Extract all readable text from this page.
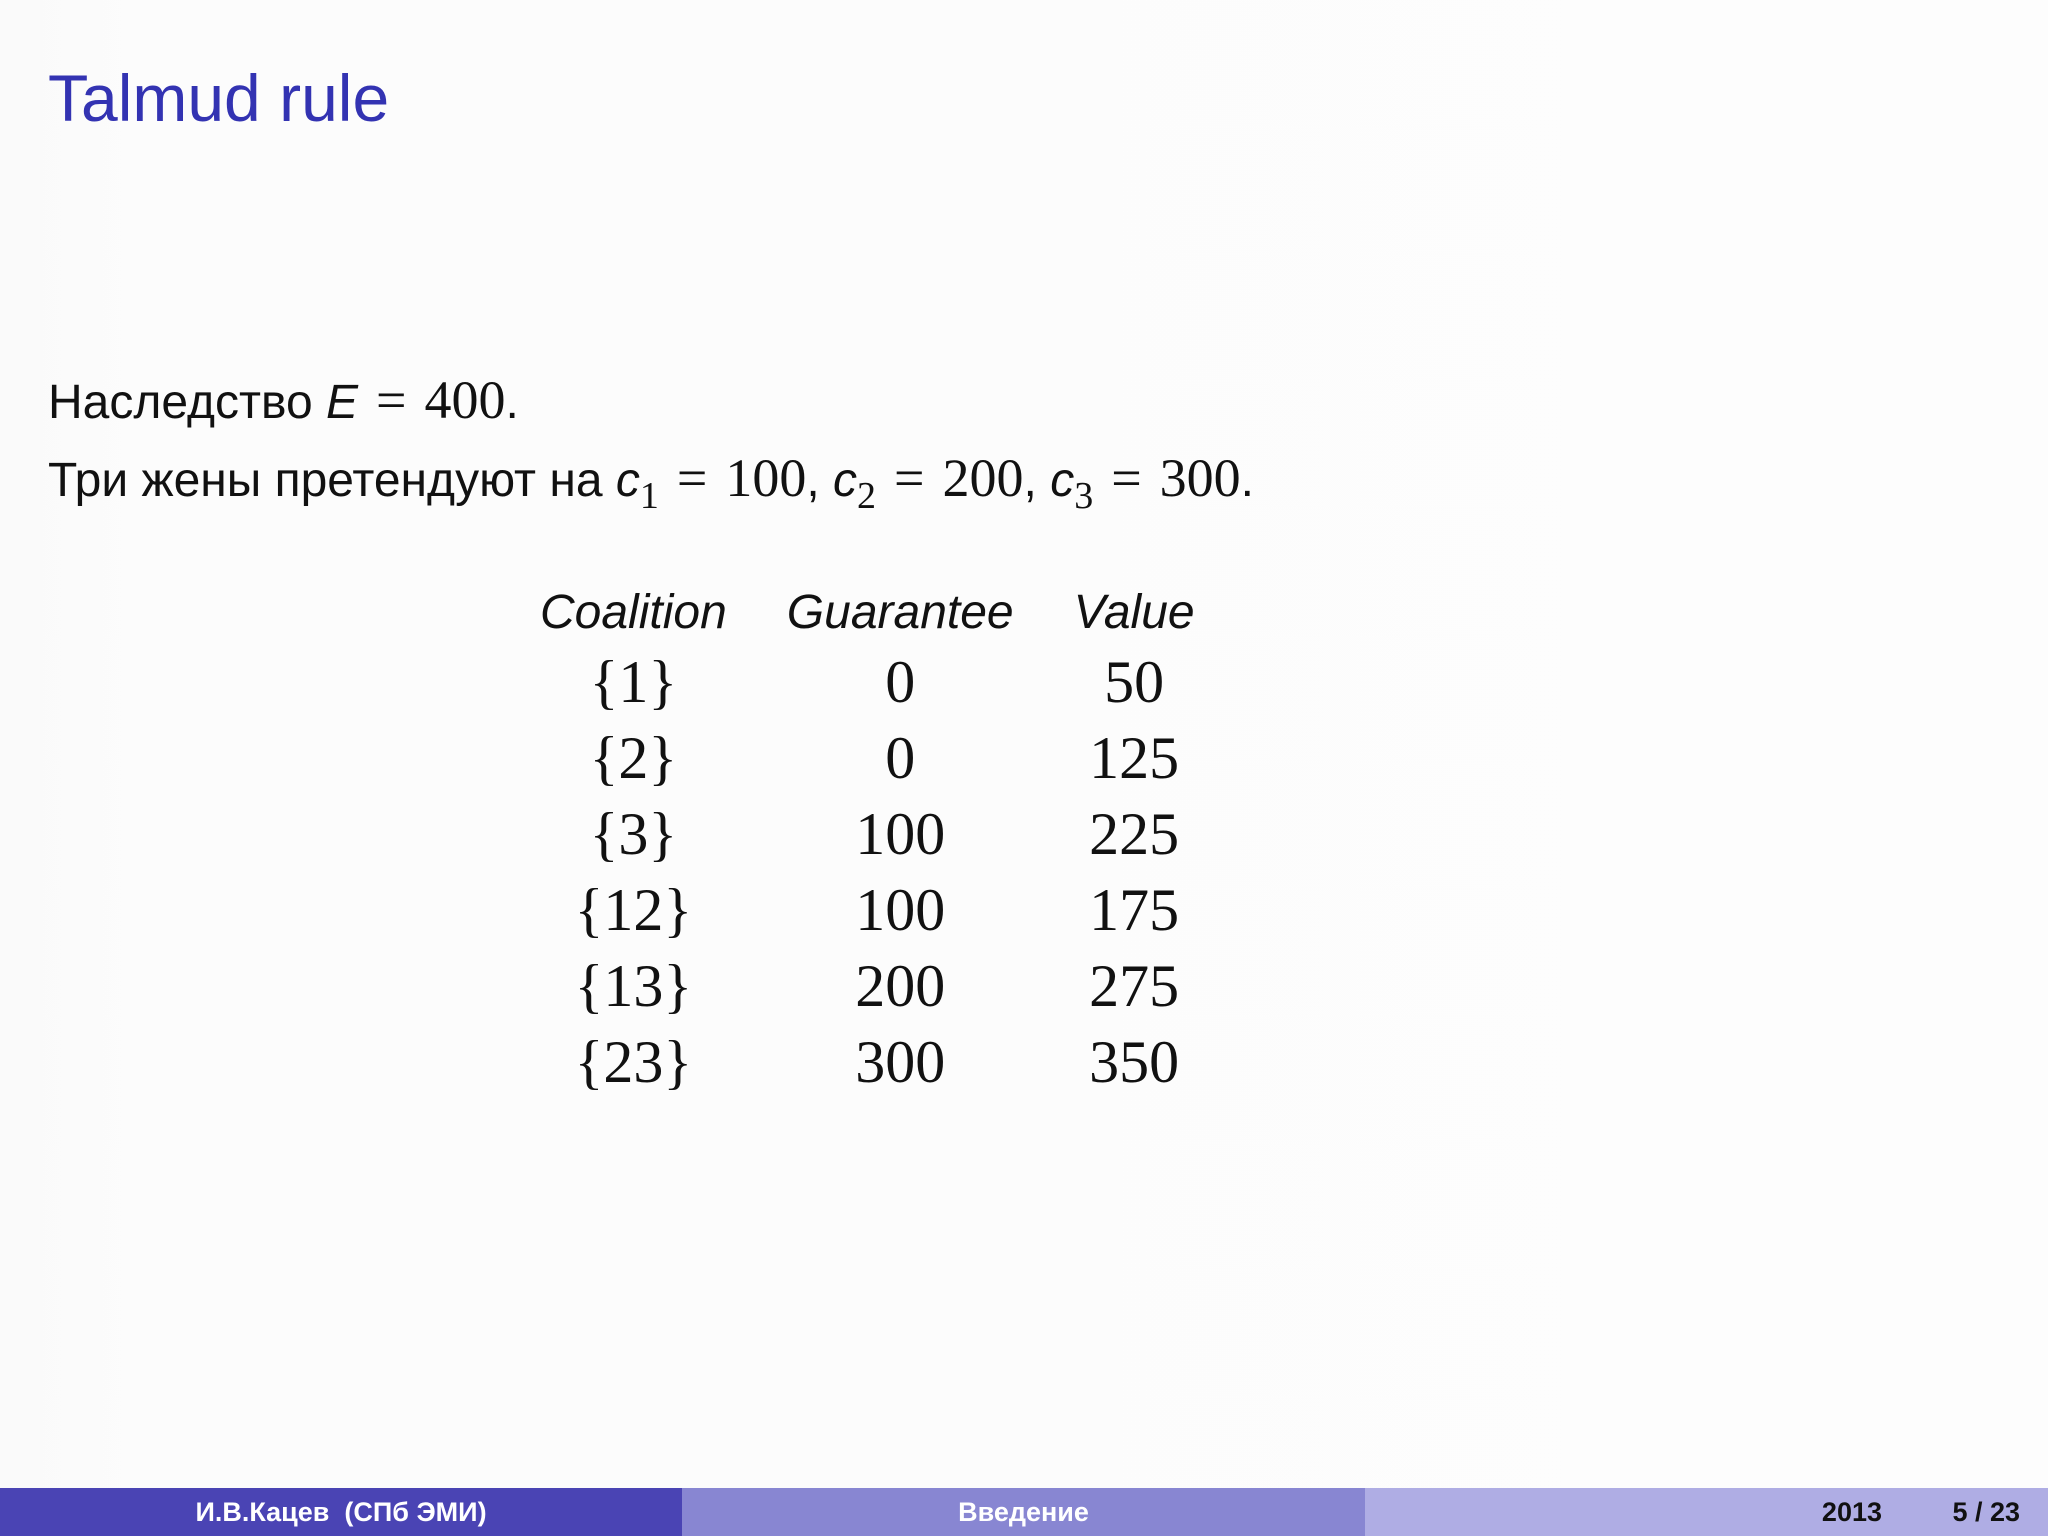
Talmud rule
Наследство E = 400.
Три жены претендуют на $c_1 = 100$, $c_2 = 200$, $c_3 = 300$.
Coalition	Guarantee	Value
{1}	0	50
{2}	0	125
{3}	100	225
{12}	100	175
{13}	200	275
{23}	300	350
И.В.Кацев  (СПб ЭМИ)	Введение	2013	5 / 23
